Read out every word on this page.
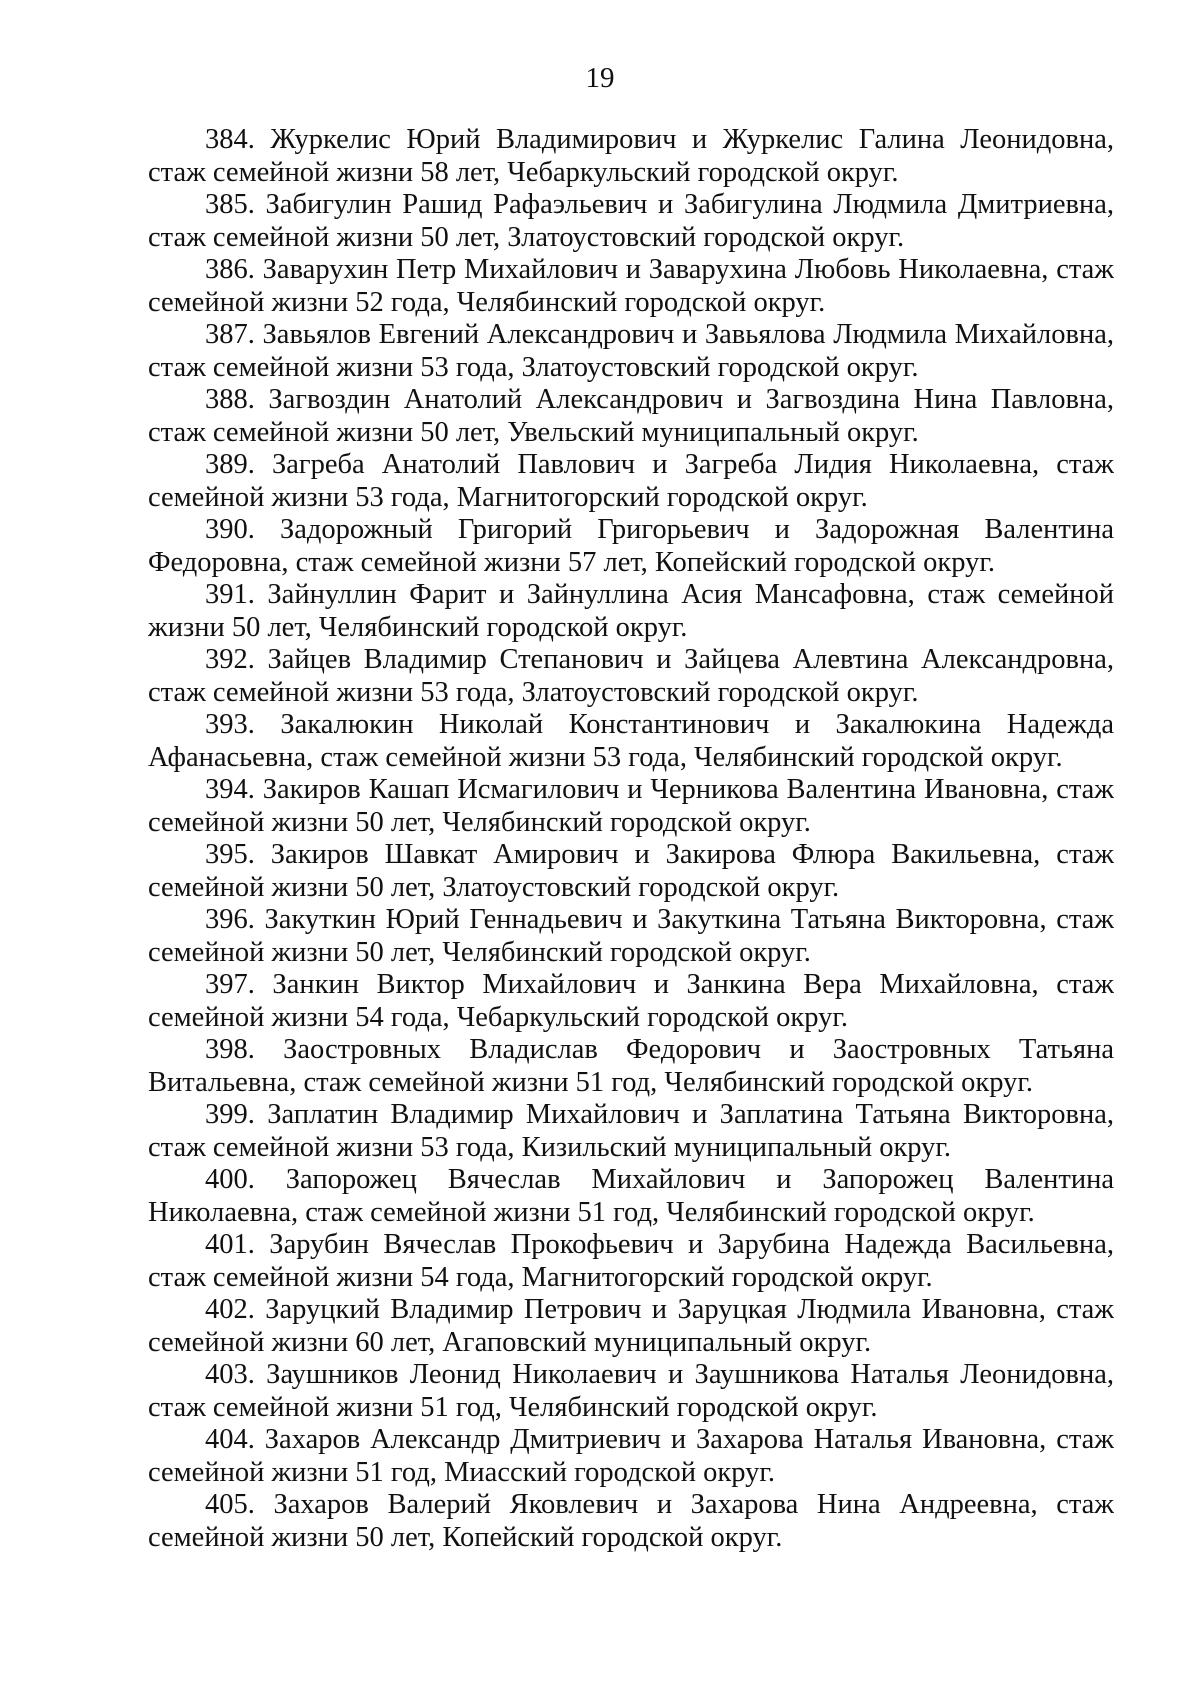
19

384. Журкелис Юрий Владимирович и Журкелис Галина Леонидовна, стаж семейной жизни 58 лет, Чебаркульский городской округ.

385. Забигулин Рашид Рафаэльевич и Забигулина Людмила Дмитриевна, стаж семейной жизни 50 лет, Златоустовский городской округ.

386. Заварухин Петр Михайлович и Заварухина Любовь Николаевна, стаж семейной жизни 52 года, Челябинский городской округ.

387. Завьялов Евгений Александрович и Завьялова Людмила Михайловна, стаж семейной жизни 53 года, Златоустовский городской округ.

388. Загвоздин Анатолий Александрович и Загвоздина Нина Павловна, стаж семейной жизни 50 лет, Увельский муниципальный округ.

389. Загреба Анатолий Павлович и Загреба Лидия Николаевна, стаж семейной жизни 53 года, Магнитогорский городской округ.

390. Задорожный Григорий Григорьевич и Задорожная Валентина Федоровна, стаж семейной жизни 57 лет, Копейский городской округ.

391. Зайнуллин Фарит и Зайнуллина Асия Мансафовна, стаж семейной жизни 50 лет, Челябинский городской округ.

392. Зайцев Владимир Степанович и Зайцева Алевтина Александровна, стаж семейной жизни 53 года, Златоустовский городской округ.

393. Закалюкин Николай Константинович и Закалюкина Надежда Афанасьевна, стаж семейной жизни 53 года, Челябинский городской округ.

394. Закиров Кашап Исмагилович и Черникова Валентина Ивановна, стаж семейной жизни 50 лет, Челябинский городской округ.

395. Закиров Шавкат Амирович и Закирова Флюра Вакильевна, стаж семейной жизни 50 лет, Златоустовский городской округ.

396. Закуткин Юрий Геннадьевич и Закуткина Татьяна Викторовна, стаж семейной жизни 50 лет, Челябинский городской округ.

397. Занкин Виктор Михайлович и Занкина Вера Михайловна, стаж семейной жизни 54 года, Чебаркульский городской округ.

398. Заостровных Владислав Федорович и Заостровных Татьяна Витальевна, стаж семейной жизни 51 год, Челябинский городской округ.

399. Заплатин Владимир Михайлович и Заплатина Татьяна Викторовна, стаж семейной жизни 53 года, Кизильский муниципальный округ.

400. Запорожец Вячеслав Михайлович и Запорожец Валентина Николаевна, стаж семейной жизни 51 год, Челябинский городской округ.

401. Зарубин Вячеслав Прокофьевич и Зарубина Надежда Васильевна, стаж семейной жизни 54 года, Магнитогорский городской округ.

402. Заруцкий Владимир Петрович и Заруцкая Людмила Ивановна, стаж семейной жизни 60 лет, Агаповский муниципальный округ.

403. Заушников Леонид Николаевич и Заушникова Наталья Леонидовна, стаж семейной жизни 51 год, Челябинский городской округ.

404. Захаров Александр Дмитриевич и Захарова Наталья Ивановна, стаж семейной жизни 51 год, Миасский городской округ.

405. Захаров Валерий Яковлевич и Захарова Нина Андреевна, стаж семейной жизни 50 лет, Копейский городской округ.
